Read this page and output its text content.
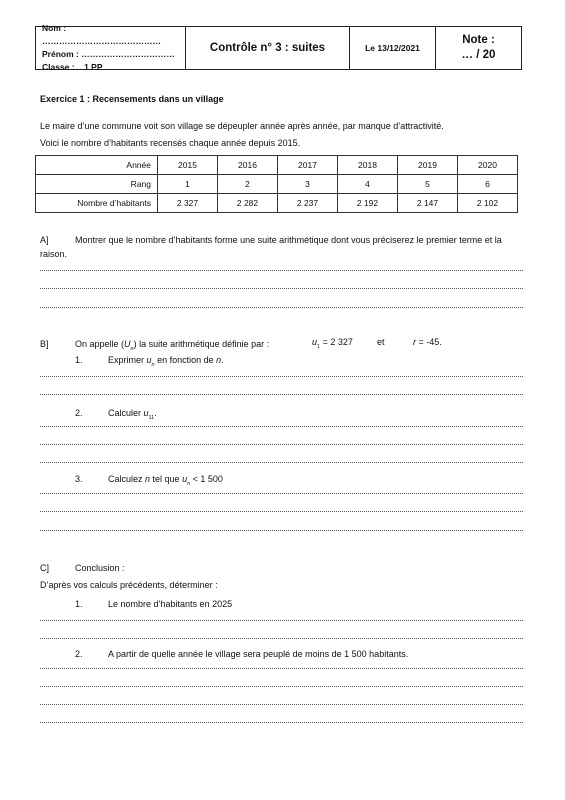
Nom : ……………………………………
Prénom : ……………………………
Classe : 1 PP
Contrôle n° 3 : suites	Le 13/12/2021
Note :
… / 20
Exercice 1 : Recensements dans un village
Le maire d’une commune voit son village se dépeupler année après année, par manque d’attractivité.
Voici le nombre d’habitants recensés chaque année depuis 2015.
Année	2015	2016	2017	2018	2019	2020
Rang	1	2	3	4	5	6
Nombre d’habitants	2 327	2 282	2 237	2 192	2 147	2 102
A]	Montrer que le nombre d’habitants forme une suite arithmétique dont vous préciserez le premier terme et la raison.
B]	On appelle $(U_n)$ la suite arithmétique définie par :	$u_1 = 2$ 327	et	r = -45.
1.	Exprimer $u_n$ en fonction de n.
2.	Calculer $u_{11}$.
3.	Calculez n tel que $u_n < 1$ 500
C]	Conclusion :
D’après vos calculs précédents, déterminer :
1.	Le nombre d’habitants en 2025
2.	A partir de quelle année le village sera peuplé de moins de 1 500 habitants.
